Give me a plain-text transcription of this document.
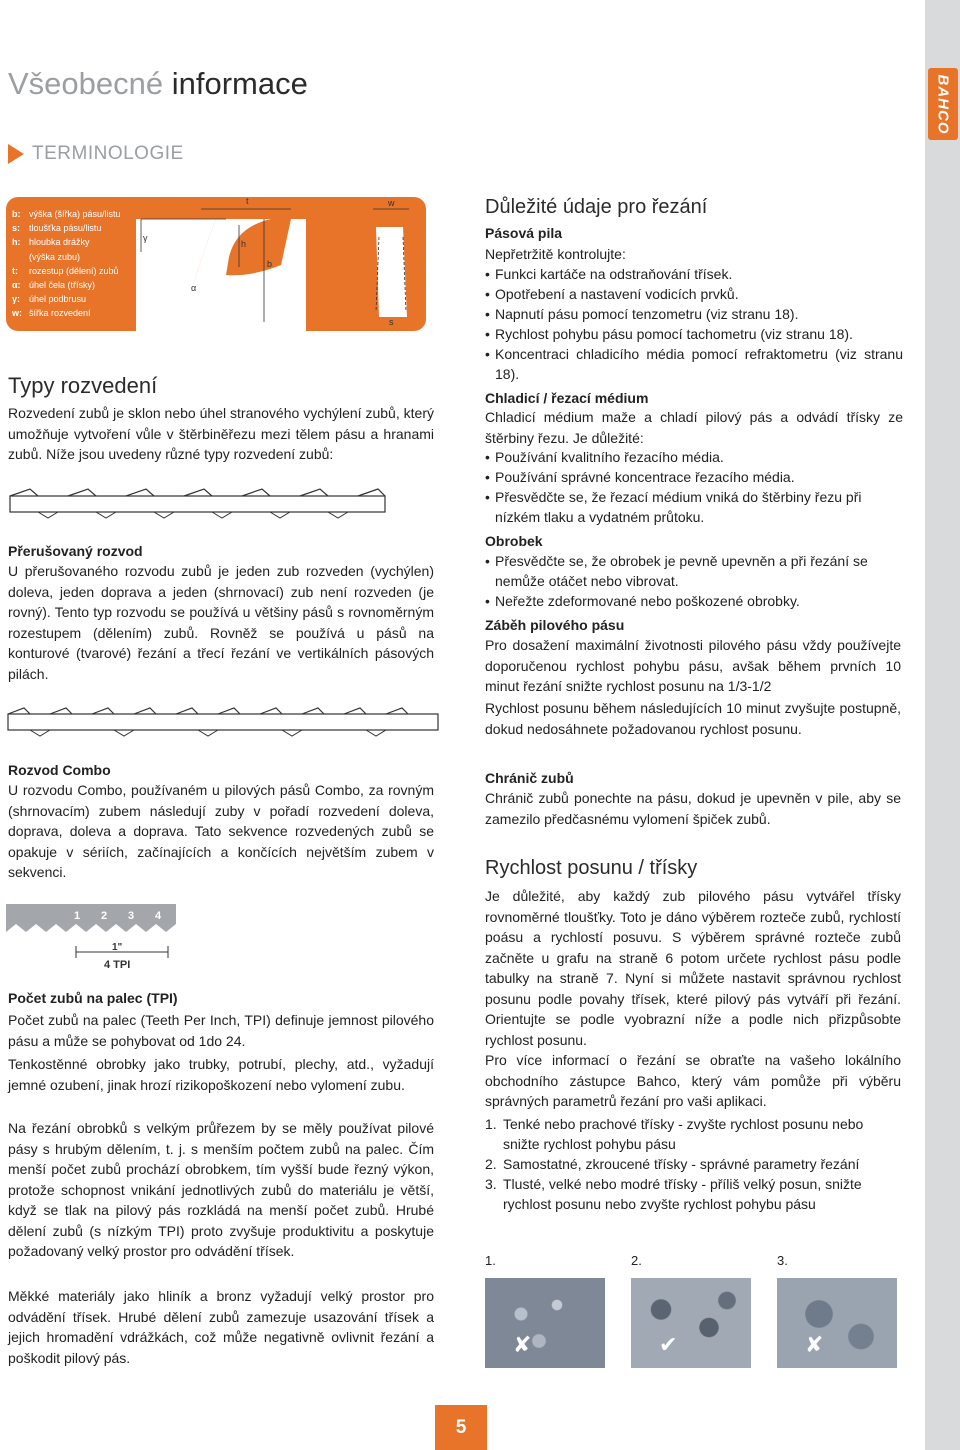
BAHCO
Všeobecné informace
TERMINOLOGIE
b: výška (šířka) pásu/listu
s: tloušťka pásu/listu
h: hloubka drážky
(výška zubu)
t:	rozestup (dělení) zubů
α: úhel čela (třísky)
γ: úhel podbrusu
w: šířka rozvedení
t
h
b
α
γ
w
s
Typy rozvedení

Rozvedení zubů je sklon nebo úhel stranového vychýlení zubů, který umožňuje vytvoření vůle v štěrbiněřezu mezi tělem pásu a hranami zubů. Níže jsou uvedeny různé typy rozvedení zubů:

Přerušovaný rozvod

U přerušovaného rozvodu zubů je jeden zub rozveden (vychýlen) doleva, jeden doprava a jeden (shrnovací) zub není rozveden (je rovný). Tento typ rozvodu se používá u většiny pásů s rovnoměrným rozestupem (dělením) zubů. Rovněž se používá u pásů na konturové (tvarové) řezání a třecí řezání ve vertikálních pásových pilách.

Rozvod Combo

U rozvodu Combo, používaném u pilových pásů Combo, za rovným (shrnovacím) zubem následují zuby v pořadí rozvedení doleva, doprava, doleva a doprava. Tato sekvence rozvedených zubů se opakuje v sériích, začínajících a končících největším zubem v sekvenci.

1 2 3 4
1"
4 TPI
Počet zubů na palec (TPI)

Počet zubů na palec (Teeth Per Inch, TPI) definuje jemnost pilového pásu a může se pohybovat od 1do 24.

Tenkostěnné obrobky jako trubky, potrubí, plechy, atd., vyžadují jemné ozubení, jinak hrozí rizikopoškození nebo vylomení zubu.

Na řezání obrobků s velkým průřezem by se měly používat pilové pásy s hrubým dělením, t. j. s menším počtem zubů na palec. Čím menší počet zubů prochází obrobkem, tím vyšší bude řezný výkon, protože schopnost vnikání jednotlivých zubů do materiálu je větší, když se tlak na pilový pás rozkládá na menší počet zubů. Hrubé dělení zubů (s nízkým TPI) proto zvyšuje produktivitu a poskytuje požadovaný velký prostor pro odvádění třísek.

Měkké materiály jako hliník a bronz vyžadují velký prostor pro odvádění třísek. Hrubé dělení zubů zamezuje usazování třísek a jejich hromadění vdrážkách, což může negativně ovlivnit řezání a poškodit pilový pás.

Důležité údaje pro řezání
Pásová pila
Nepřetržitě kontrolujte:
• Funkci kartáče na odstraňování třísek.
• Opotřebení a nastavení vodicích prvků.
• Napnutí pásu pomocí tenzometru (viz stranu 18).
• Rychlost pohybu pásu pomocí tachometru (viz stranu 18).
• Koncentraci chladicího média pomocí refraktometru (viz stranu 18).
Chladicí / řezací médium

Chladicí médium maže a chladí pilový pás a odvádí třísky ze štěrbiny řezu. Je důležité:

• Používání kvalitního řezacího média.
• Používání správné koncentrace řezacího média.
• Přesvědčte se, že řezací médium vniká do štěrbiny řezu při nízkém tlaku a vydatném průtoku.
Obrobek
• Přesvědčte se, že obrobek je pevně upevněn a při řezání se nemůže otáčet nebo vibrovat.
• Neřežte zdeformované nebo poškozené obrobky.
Záběh pilového pásu

Pro dosažení maximální životnosti pilového pásu vždy používejte doporučenou rychlost pohybu pásu, avšak během prvních 10 minut řezání snižte rychlost posunu na 1/3-1/2

Rychlost posunu během následujících 10 minut zvyšujte postupně, dokud nedosáhnete požadovanou rychlost posunu.

Chránič zubů

Chránič zubů ponechte na pásu, dokud je upevněn v pile, aby se zamezilo předčasnému vylomení špiček zubů.

Rychlost posunu / třísky

Je důležité, aby každý zub pilového pásu vytvářel třísky rovnoměrné tloušťky. Toto je dáno výběrem rozteče zubů, rychlostí poásu a rychlostí posuvu. S výběrem správné rozteče zubů začněte u grafu na straně 6 potom určete rychlost pásu podle tabulky na straně 7. Nyní si můžete nastavit správnou rychlost posunu podle povahy třísek, které pilový pás vytváří při řezání. Orientujte se podle vyobrazní níže a podle nich přizpůsobte rychlost posunu.

Pro více informací o řezání se obraťte na vašeho lokálního obchodního zástupce Bahco, který vám pomůže při výběru správných parametrů řezání pro vaši aplikaci.

1. Tenké nebo prachové třísky - zvyšte rychlost posunu nebo snižte rychlost pohybu pásu
2. Samostatné, zkroucené třísky - správné parametry řezání
3. Tlusté, velké nebo modré třísky - příliš velký posun, snižte rychlost posunu nebo zvyšte rychlost pohybu pásu
1.	2.	3.
✘	✔	✘
5
